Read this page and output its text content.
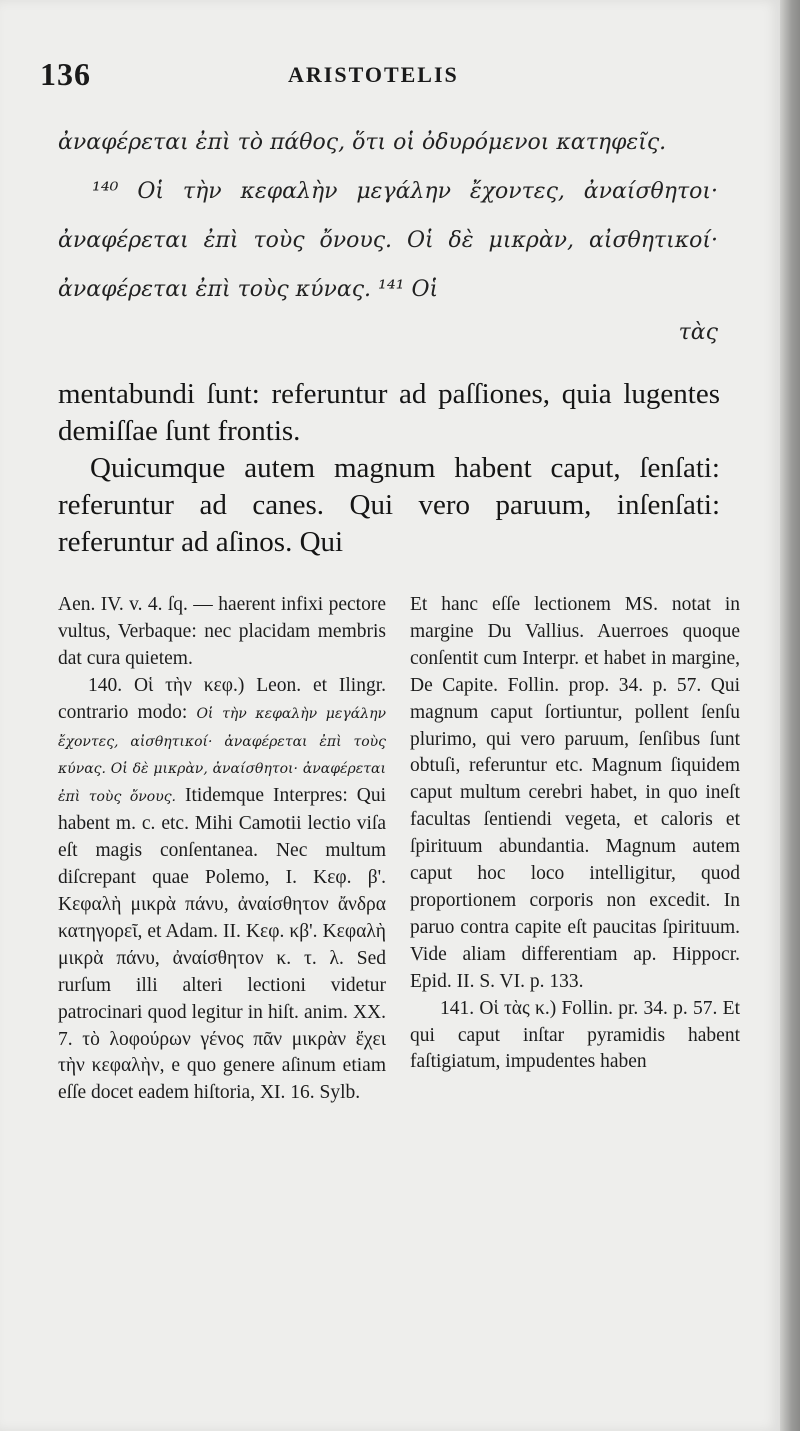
136	ARISTOTELIS

ἀναφέρεται ἐπὶ τὸ πάθος, ὅτι οἱ ὀδυρόμενοι κατηφεῖς.

¹⁴⁰ Οἱ τὴν κεφαλὴν μεγάλην ἔχοντες, ἀναίσθητοι· ἀναφέρεται ἐπὶ τοὺς ὄνους. Οἱ δὲ μικρὰν, αἰσθητικοί· ἀναφέρεται ἐπὶ τοὺς κύνας. ¹⁴¹ Οἱ

τὰς

mentabundi ſunt: referuntur ad paſſiones, quia lugentes demiſſae ſunt frontis.

Quicumque autem magnum habent caput, ſenſati: referuntur ad canes. Qui vero paruum, inſenſati: referuntur ad aſinos. Qui

Aen. IV. v. 4. ſq. — haerent infixi pectore vultus, Verbaque: nec placidam membris dat cura quietem.

140. Οἱ τὴν κεφ.) Leon. et Ilingr. contrario modo: Οἱ τὴν κεφαλὴν μεγάλην ἔχοντες, αἰσθητικοί· ἀναφέρεται ἐπὶ τοὺς κύνας. Οἱ δὲ μικρὰν, ἀναίσθητοι· ἀναφέρεται ἐπὶ τοὺς ὄνους. Itidemque Interpres: Qui habent m. c. etc. Mihi Camotii lectio viſa eſt magis conſentanea. Nec multum diſcrepant quae Polemo, I. Κεφ. β'. Κεφαλὴ μικρὰ πάνυ, ἀναίσθητον ἄνδρα κατηγορεῖ, et Adam. II. Κεφ. κβ'. Κεφαλὴ μικρὰ πάνυ, ἀναίσθητον κ. τ. λ. Sed rurſum illi alteri lectioni videtur patrocinari quod legitur in hiſt. anim. XX. 7. τὸ λοφούρων γένος πᾶν μικρὰν ἔχει τὴν κεφαλὴν, e quo genere aſinum etiam eſſe docet eadem hiſtoria, XI. 16. Sylb.

Et hanc eſſe lectionem MS. notat in margine Du Vallius. Auerroes quoque conſentit cum Interpr. et habet in margine, De Capite. Follin. prop. 34. p. 57. Qui magnum caput ſortiuntur, pollent ſenſu plurimo, qui vero paruum, ſenſibus ſunt obtuſi, referuntur etc. Magnum ſiquidem caput multum cerebri habet, in quo ineſt facultas ſentiendi vegeta, et caloris et ſpirituum abundantia. Magnum autem caput hoc loco intelligitur, quod proportionem corporis non excedit. In paruo contra capite eſt paucitas ſpirituum. Vide aliam differentiam ap. Hippocr. Epid. II. S. VI. p. 133.

141. Οἱ τὰς κ.) Follin. pr. 34. p. 57. Et qui caput inſtar pyramidis habent faſtigiatum, impudentes haben
